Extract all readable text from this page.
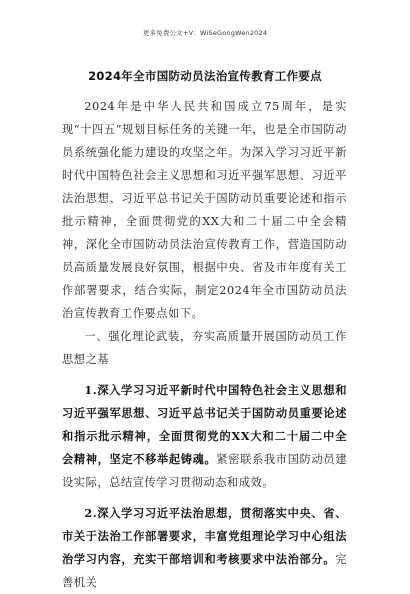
更多免费公文+V：WiSeGongWen2024
2024年全市国防动员法治宣传教育工作要点

2024年是中华人民共和国成立75周年，是实现“十四五”规划目标任务的关键一年，也是全市国防动员系统强化能力建设的攻坚之年。为深入学习习近平新时代中国特色社会主义思想和习近平强军思想、习近平法治思想、习近平总书记关于国防动员重要论述和指示批示精神，全面贯彻党的XX大和二十届二中全会精神，深化全市国防动员法治宣传教育工作，营造国防动员高质量发展良好氛围，根据中央、省及市年度有关工作部署要求，结合实际，制定2024年全市国防动员法治宣传教育工作要点如下。

一、强化理论武装，夯实高质量开展国防动员工作思想之基

1.深入学习习近平新时代中国特色社会主义思想和习近平强军思想、习近平总书记关于国防动员重要论述和指示批示精神，全面贯彻党的XX大和二十届二中全会精神，坚定不移举起铸魂。紧密联系我市国防动员建设实际，总结宣传学习贯彻动态和成效。

2.深入学习习近平法治思想，贯彻落实中央、省、市关于法治工作部署要求，丰富党组理论学习中心组法治学习内容，充实干部培训和考核要求中法治部分。完善机关
